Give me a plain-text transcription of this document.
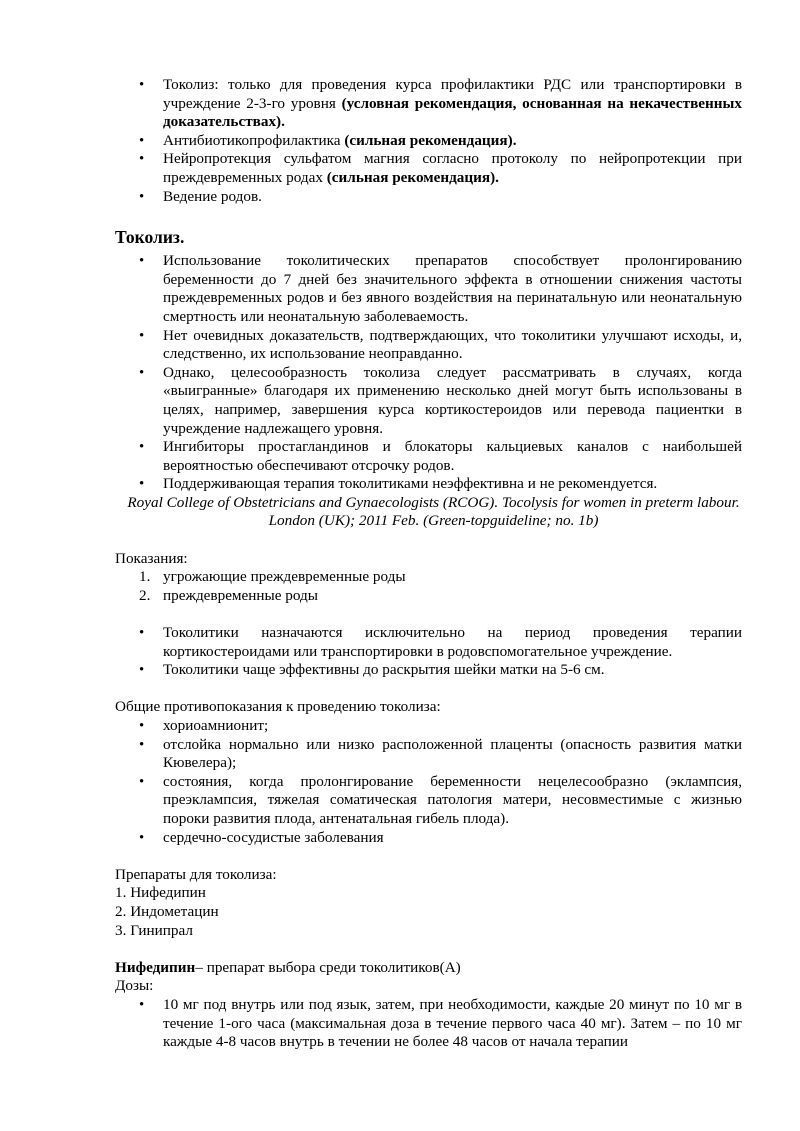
• Токолиз: только для проведения курса профилактики РДС или транспортировки в учреждение 2-3-го уровня (условная рекомендация, основанная на некачественных доказательствах).
• Антибиотикопрофилактика (сильная рекомендация).
• Нейропротекция сульфатом магния согласно протоколу по нейропротекции при преждевременных родах (сильная рекомендация).
• Ведение родов.
Токолиз.
• Использование токолитических препаратов способствует пролонгированию беременности до 7 дней без значительного эффекта в отношении снижения частоты преждевременных родов и без явного воздействия на перинатальную или неонатальную смертность или неонатальную заболеваемость.
• Нет очевидных доказательств, подтверждающих, что токолитики улучшают исходы, и, следственно, их использование неоправданно.
• Однако, целесообразность токолиза следует рассматривать в случаях, когда «выигранные» благодаря их применению несколько дней могут быть использованы в целях, например, завершения курса кортикостероидов или перевода пациентки в учреждение надлежащего уровня.
• Ингибиторы простагландинов и блокаторы кальциевых каналов с наибольшей вероятностью обеспечивают отсрочку родов.
• Поддерживающая терапия токолитиками неэффективна и не рекомендуется.

Royal College of Obstetricians and Gynaecologists (RCOG). Tocolysis for women in preterm labour. London (UK); 2011 Feb. (Green-topguideline; no. 1b)

Показания:

1. угрожающие преждевременные роды
2. преждевременные роды
• Токолитики назначаются исключительно на период проведения терапии кортикостероидами или транспортировки в родовспомогательное учреждение.
• Токолитики чаще эффективны до раскрытия шейки матки на 5-6 см.

Общие противопоказания к проведению токолиза:

• хориоамнионит;
• отслойка нормально или низко расположенной плаценты (опасность развития матки Кювелера);
• состояния, когда пролонгирование беременности нецелесообразно (эклампсия, преэклампсия, тяжелая соматическая патология матери, несовместимые с жизнью пороки развития плода, антенатальная гибель плода).
• сердечно-сосудистые заболевания

Препараты для токолиза:

1. Нифедипин

2. Индометацин

3. Гинипрал

Нифедипин– препарат выбора среди токолитиков(A)

Дозы:

• 10 мг под внутрь или под язык, затем, при необходимости, каждые 20 минут по 10 мг в течение 1-ого часа (максимальная доза в течение первого часа 40 мг). Затем – по 10 мг каждые 4-8 часов внутрь в течении не более 48 часов от начала терапии
